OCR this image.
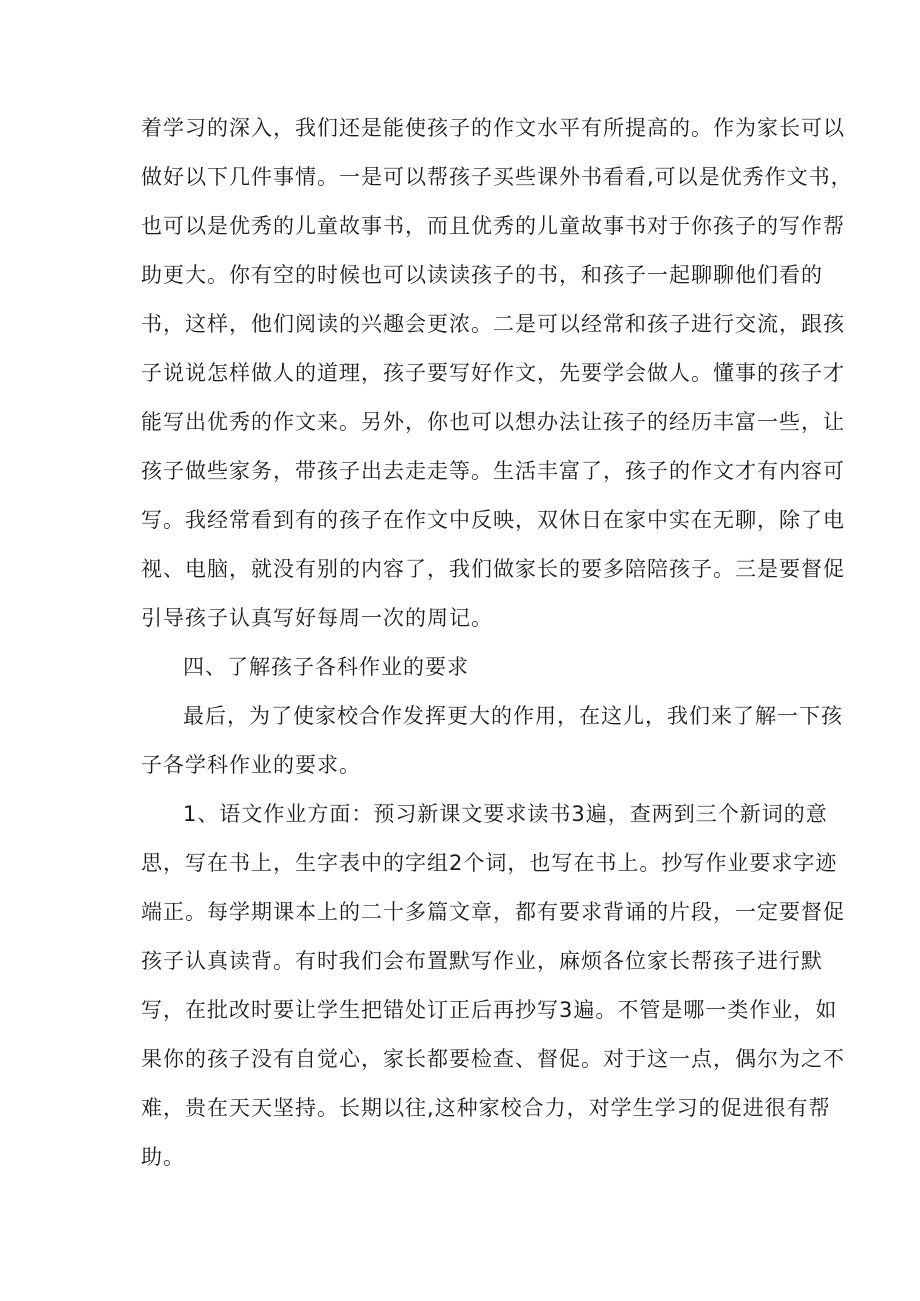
着学习的深入，我们还是能使孩子的作文水平有所提高的。作为家长可以
做好以下几件事情。一是可以帮孩子买些课外书看看,可以是优秀作文书，
也可以是优秀的儿童故事书，而且优秀的儿童故事书对于你孩子的写作帮
助更大。你有空的时候也可以读读孩子的书，和孩子一起聊聊他们看的
书，这样，他们阅读的兴趣会更浓。二是可以经常和孩子进行交流，跟孩
子说说怎样做人的道理，孩子要写好作文，先要学会做人。懂事的孩子才
能写出优秀的作文来。另外，你也可以想办法让孩子的经历丰富一些，让
孩子做些家务，带孩子出去走走等。生活丰富了，孩子的作文才有内容可
写。我经常看到有的孩子在作文中反映，双休日在家中实在无聊，除了电
视、电脑，就没有别的内容了，我们做家长的要多陪陪孩子。三是要督促
引导孩子认真写好每周一次的周记。
四、了解孩子各科作业的要求
最后，为了使家校合作发挥更大的作用，在这儿，我们来了解一下孩
子各学科作业的要求。
1、语文作业方面：预习新课文要求读书3遍，查两到三个新词的意
思，写在书上，生字表中的字组2个词，也写在书上。抄写作业要求字迹
端正。每学期课本上的二十多篇文章，都有要求背诵的片段，一定要督促
孩子认真读背。有时我们会布置默写作业，麻烦各位家长帮孩子进行默
写，在批改时要让学生把错处订正后再抄写3遍。不管是哪一类作业，如
果你的孩子没有自觉心，家长都要检查、督促。对于这一点，偶尔为之不
难，贵在天天坚持。长期以往,这种家校合力，对学生学习的促进很有帮
助。
